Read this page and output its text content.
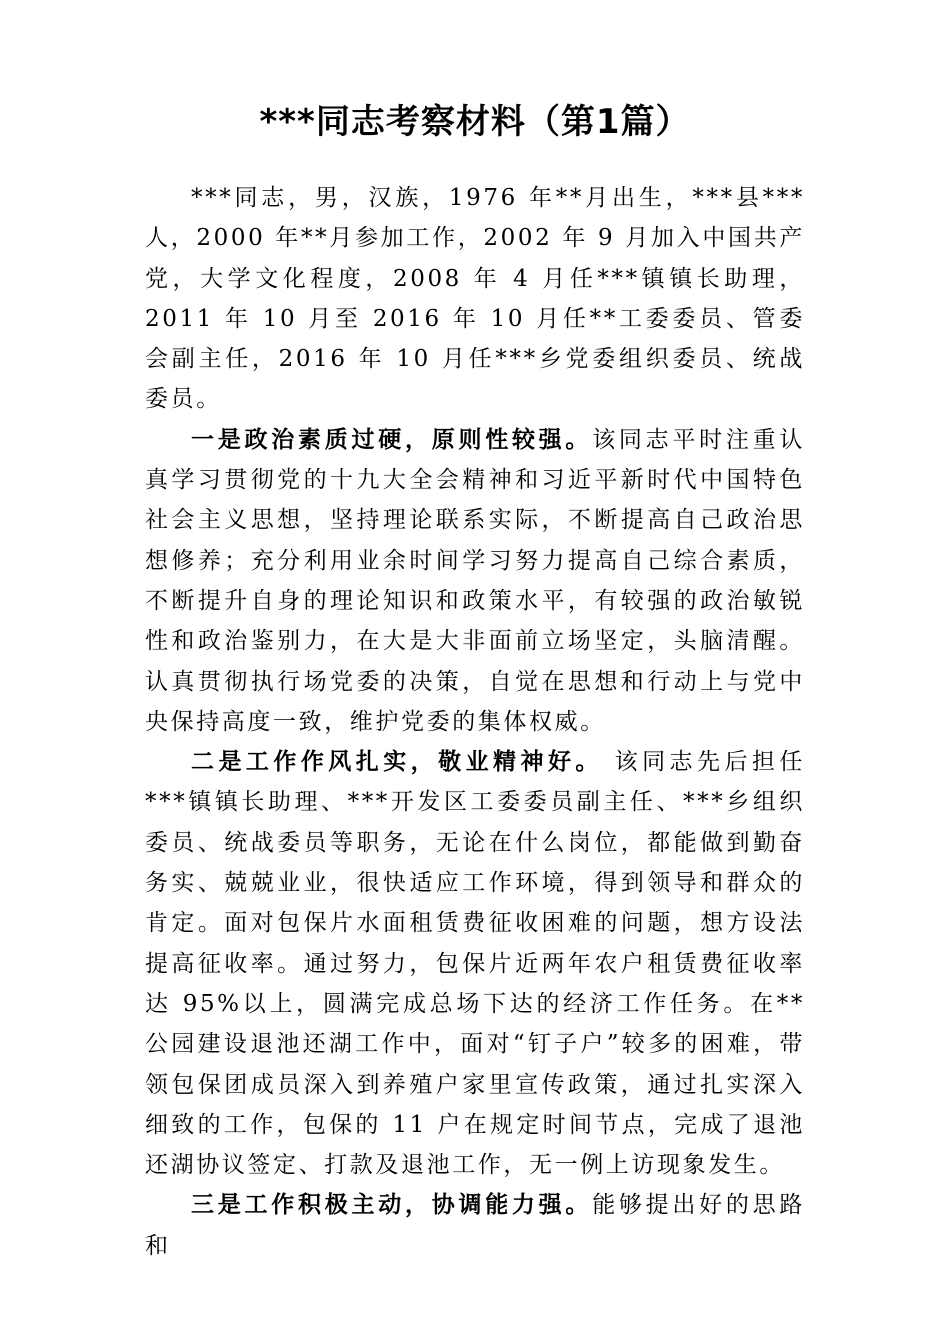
***同志考察材料（第1篇）

***同志，男，汉族，1976 年**月出生，***县***人，2000 年**月参加工作，2002 年 9 月加入中国共产党，大学文化程度，2008 年 4 月任***镇镇长助理，2011 年 10 月至 2016 年 10 月任**工委委员、管委会副主任，2016 年 10 月任***乡党委组织委员、统战委员。

一是政治素质过硬，原则性较强。该同志平时注重认真学习贯彻党的十九大全会精神和习近平新时代中国特色社会主义思想，坚持理论联系实际，不断提高自己政治思想修养；充分利用业余时间学习努力提高自己综合素质，不断提升自身的理论知识和政策水平，有较强的政治敏锐性和政治鉴别力，在大是大非面前立场坚定，头脑清醒。认真贯彻执行场党委的决策，自觉在思想和行动上与党中央保持高度一致，维护党委的集体权威。

二是工作作风扎实，敬业精神好。 该同志先后担任***镇镇长助理、***开发区工委委员副主任、***乡组织委员、统战委员等职务，无论在什么岗位，都能做到勤奋务实、兢兢业业，很快适应工作环境，得到领导和群众的肯定。面对包保片水面租赁费征收困难的问题，想方设法提高征收率。通过努力，包保片近两年农户租赁费征收率达 95%以上，圆满完成总场下达的经济工作任务。在**公园建设退池还湖工作中，面对“钉子户”较多的困难，带领包保团成员深入到养殖户家里宣传政策，通过扎实深入细致的工作，包保的 11 户在规定时间节点，完成了退池还湖协议签定、打款及退池工作，无一例上访现象发生。

三是工作积极主动，协调能力强。能够提出好的思路和
